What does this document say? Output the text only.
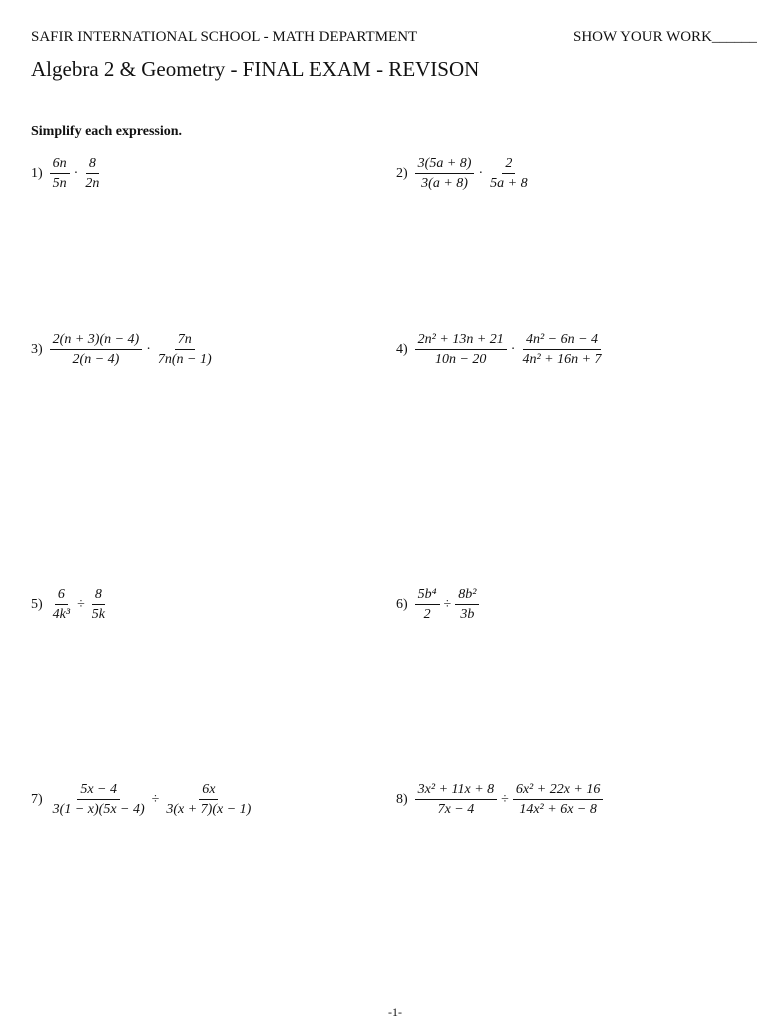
SAFIR INTERNATIONAL SCHOOL - MATH DEPARTMENT	SHOW YOUR WORK______
Algebra 2 & Geometry - FINAL EXAM - REVISON
Simplify each expression.
$1) \frac{6n}{5n} \cdot \frac{8}{2n}$	$2) \frac{3(5a + 8)}{3(a + 8)} \cdot \frac{2}{5a + 8}$
$3) \frac{2(n + 3)(n - 4)}{2(n - 4)} \cdot \frac{7n}{7n(n - 1)}$	$4) \frac{\text{2n² + 13n + 21}}{10n - 20} \cdot \frac{\text{4n² − 6n − 4}}{\text{4n² + 16n + 7}}$
$5) \frac{6}{\text{4k³}} \div \frac{8}{5k}$	$6) \frac{\text{5b⁴}}{2} \div \frac{\text{8b²}}{3b}$
$7) \frac{5x - 4}{3(1 - x)(5x - 4)} \div \frac{6x}{3(x + 7)(x - 1)}$	$8) \frac{\text{3x² + 11x + 8}}{7x - 4} \div \frac{\text{6x² + 22x + 16}}{\text{14x² + 6x − 8}}$
-1-
